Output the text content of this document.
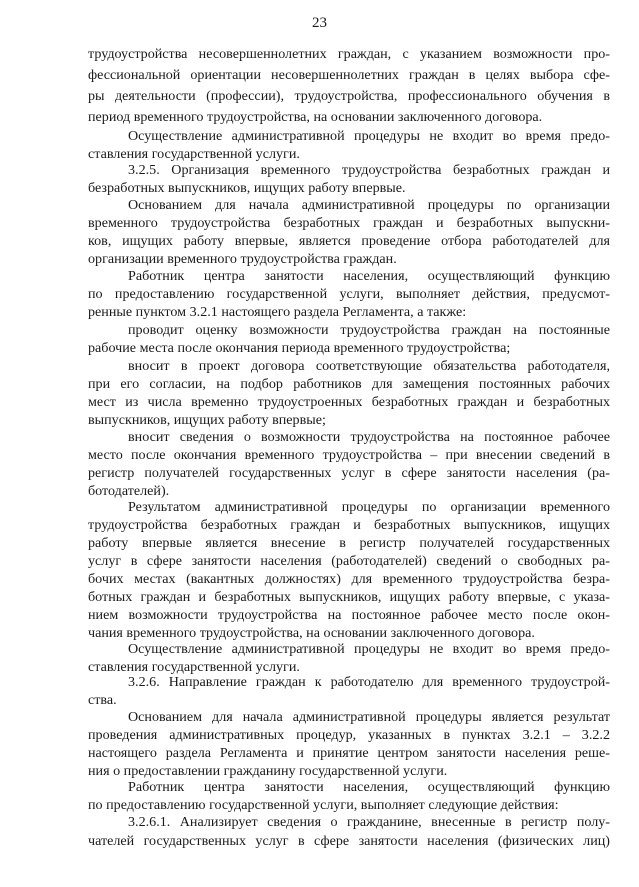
23
трудоустройства несовершеннолетних граждан, с указанием возможности про-
фессиональной ориентации несовершеннолетних граждан в целях выбора сфе-
ры деятельности (профессии), трудоустройства, профессионального обучения в
период временного трудоустройства, на основании заключенного договора.
Осуществление административной процедуры не входит во время предо-
ставления государственной услуги.
3.2.5. Организация временного трудоустройства безработных граждан и
безработных выпускников, ищущих работу впервые.
Основанием для начала административной процедуры по организации
временного трудоустройства безработных граждан и безработных выпускни-
ков, ищущих работу впервые, является проведение отбора работодателей для
организации временного трудоустройства граждан.
Работник центра занятости населения, осуществляющий функцию
по предоставлению государственной услуги, выполняет действия, предусмот-
ренные пунктом 3.2.1 настоящего раздела Регламента, а также:
проводит оценку возможности трудоустройства граждан на постоянные
рабочие места после окончания периода временного трудоустройства;
вносит в проект договора соответствующие обязательства работодателя,
при его согласии, на подбор работников для замещения постоянных рабочих
мест из числа временно трудоустроенных безработных граждан и безработных
выпускников, ищущих работу впервые;
вносит сведения о возможности трудоустройства на постоянное рабочее
место после окончания временного трудоустройства – при внесении сведений в
регистр получателей государственных услуг в сфере занятости населения (ра-
ботодателей).
Результатом административной процедуры по организации временного
трудоустройства безработных граждан и безработных выпускников, ищущих
работу впервые является внесение в регистр получателей государственных
услуг в сфере занятости населения (работодателей) сведений о свободных ра-
бочих местах (вакантных должностях) для временного трудоустройства безра-
ботных граждан и безработных выпускников, ищущих работу впервые, с указа-
нием возможности трудоустройства на постоянное рабочее место после окон-
чания временного трудоустройства, на основании заключенного договора.
Осуществление административной процедуры не входит во время предо-
ставления государственной услуги.
3.2.6. Направление граждан к работодателю для временного трудоустрой-
ства.
Основанием для начала административной процедуры является результат
проведения административных процедур, указанных в пунктах 3.2.1 – 3.2.2
настоящего раздела Регламента и принятие центром занятости населения реше-
ния о предоставлении гражданину государственной услуги.
Работник центра занятости населения, осуществляющий функцию
по предоставлению государственной услуги, выполняет следующие действия:
3.2.6.1. Анализирует сведения о гражданине, внесенные в регистр полу-
чателей государственных услуг в сфере занятости населения (физических лиц)
